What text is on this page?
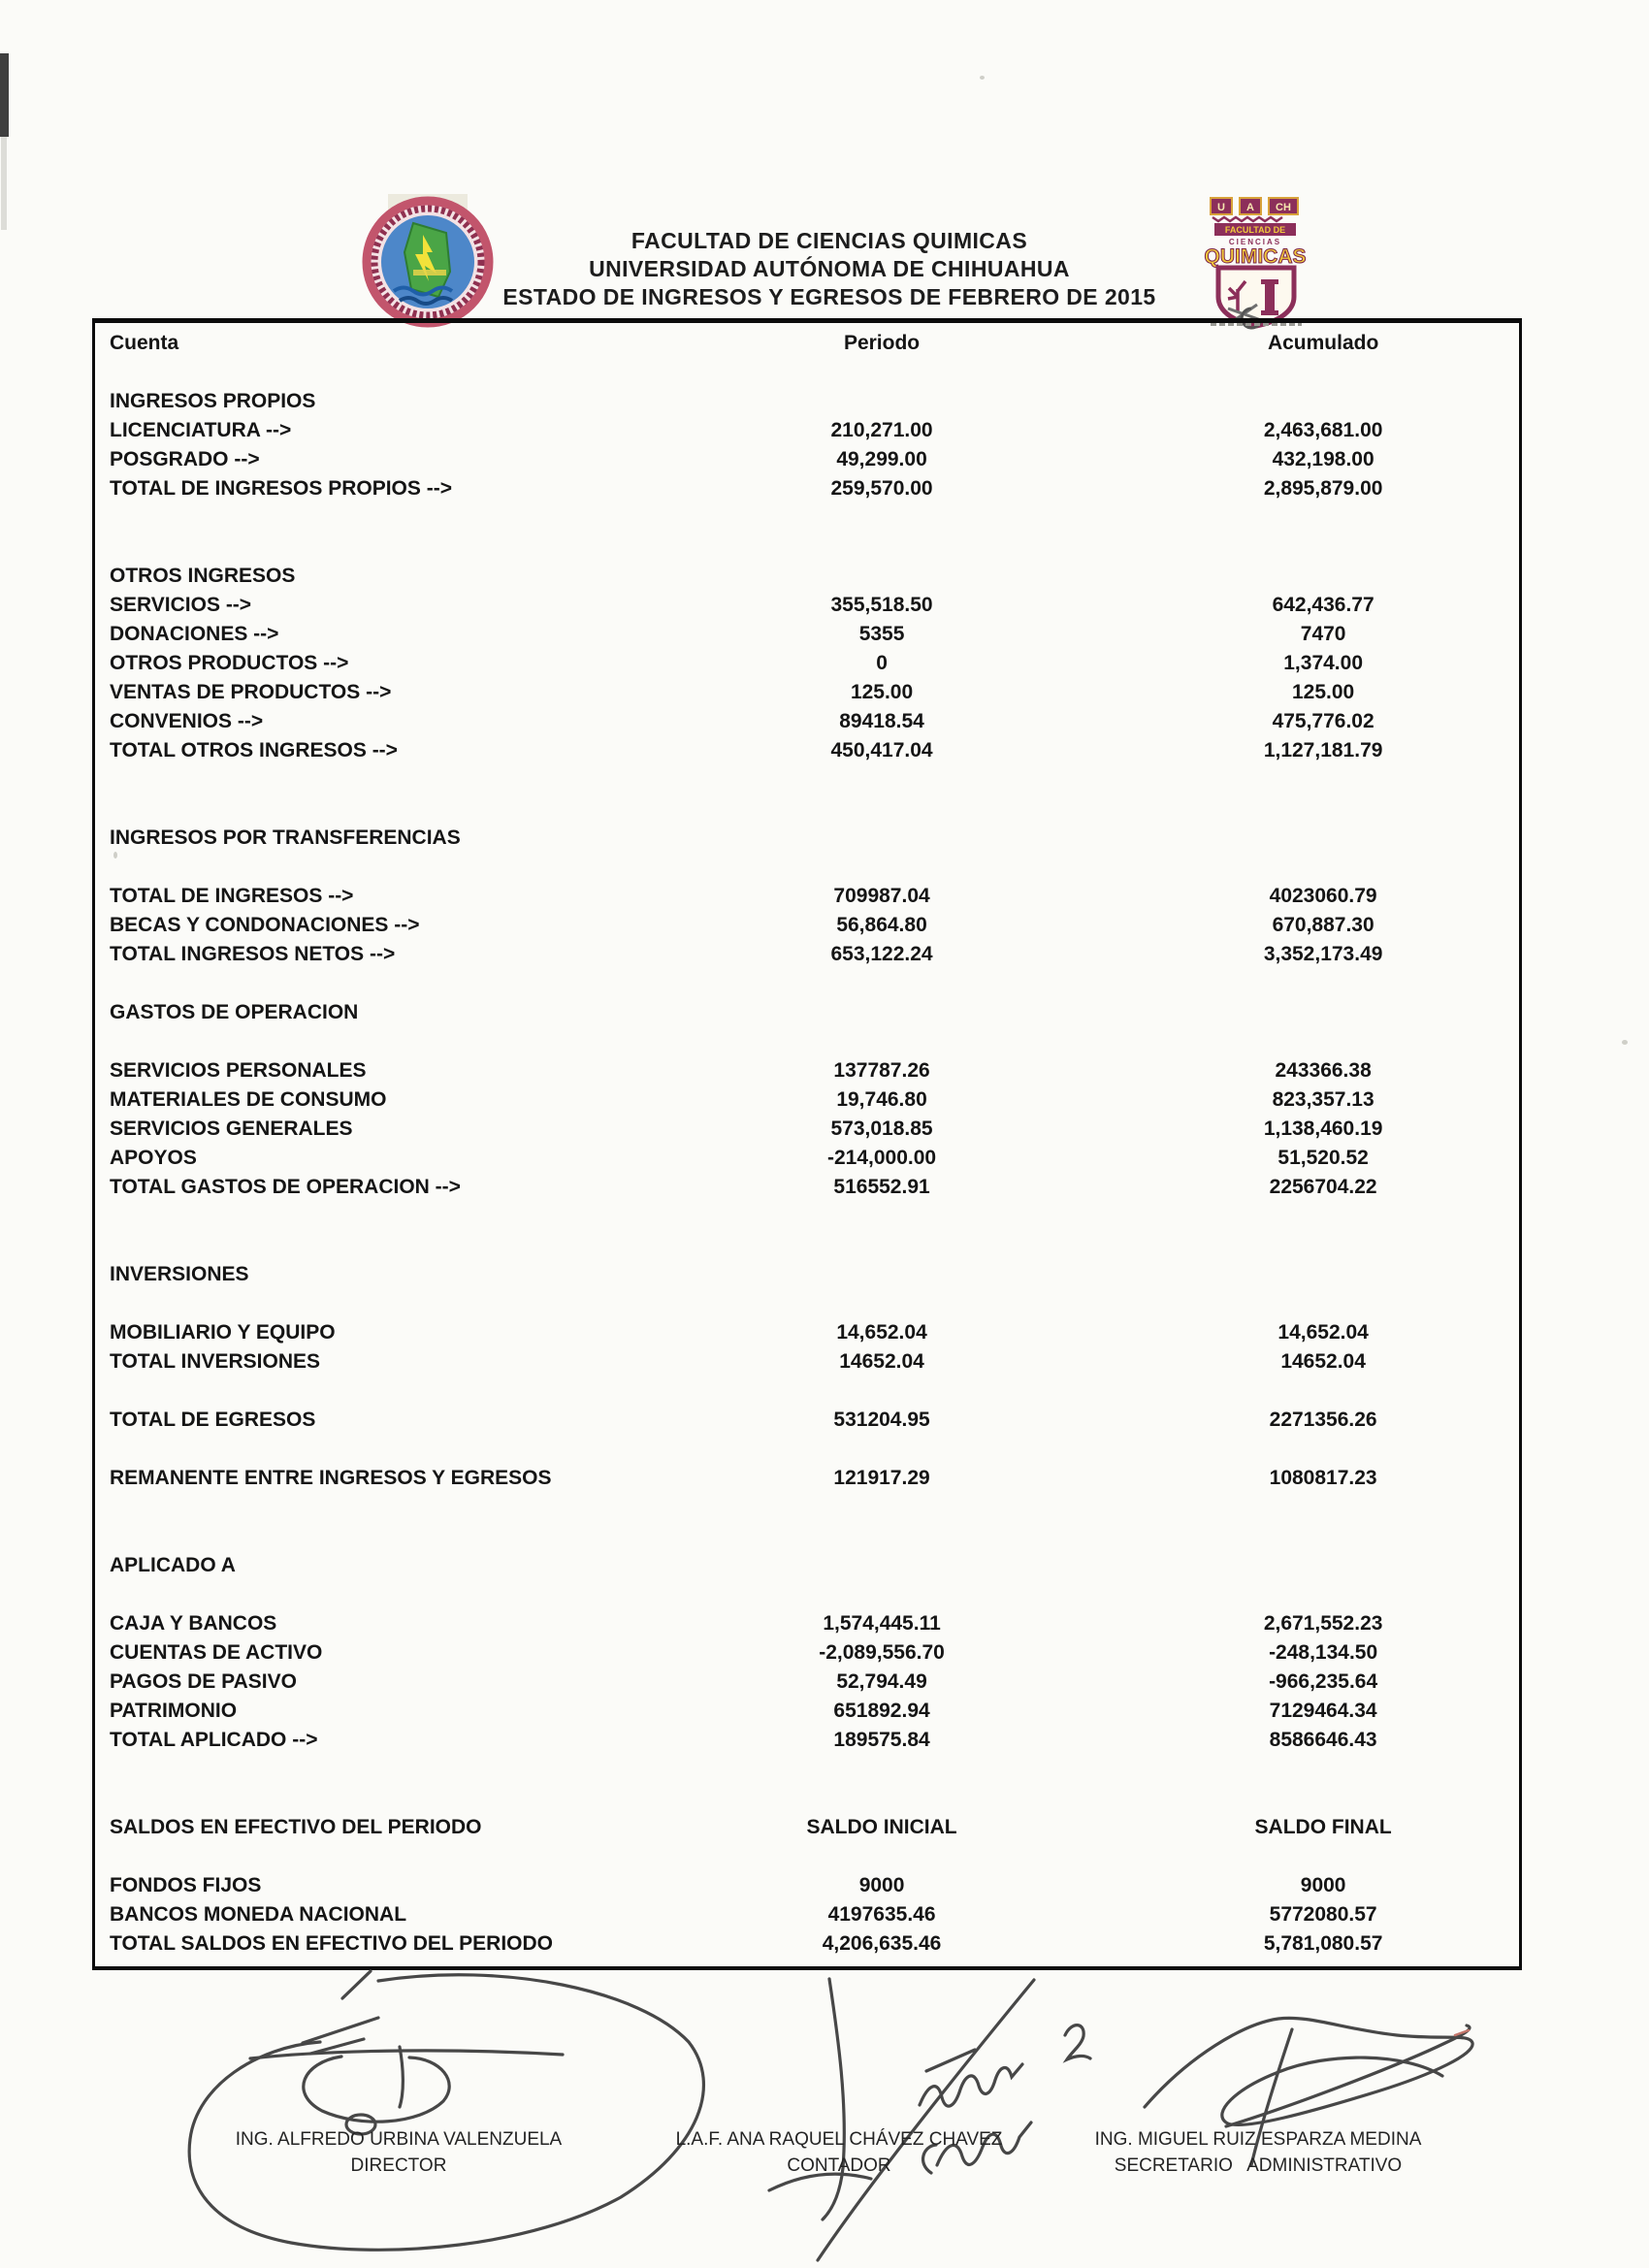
U A CH
FACULTAD DE
CIENCIAS
QUIMICAS
FACULTAD DE CIENCIAS QUIMICAS
UNIVERSIDAD AUTÓNOMA DE CHIHUAHUA
ESTADO DE INGRESOS Y EGRESOS DE FEBRERO DE 2015
Cuenta	Periodo	Acumulado
INGRESOS PROPIOS
LICENCIATURA -->	210,271.00	2,463,681.00
POSGRADO -->	49,299.00	432,198.00
TOTAL DE INGRESOS PROPIOS -->	259,570.00	2,895,879.00
OTROS INGRESOS
SERVICIOS -->	355,518.50	642,436.77
DONACIONES -->	5355	7470
OTROS PRODUCTOS -->	0	1,374.00
VENTAS DE PRODUCTOS -->	125.00	125.00
CONVENIOS -->	89418.54	475,776.02
TOTAL OTROS INGRESOS -->	450,417.04	1,127,181.79
INGRESOS POR TRANSFERENCIAS
TOTAL DE INGRESOS -->	709987.04	4023060.79
BECAS Y CONDONACIONES -->	56,864.80	670,887.30
TOTAL INGRESOS NETOS -->	653,122.24	3,352,173.49
GASTOS DE OPERACION
SERVICIOS PERSONALES	137787.26	243366.38
MATERIALES DE CONSUMO	19,746.80	823,357.13
SERVICIOS GENERALES	573,018.85	1,138,460.19
APOYOS	-214,000.00	51,520.52
TOTAL GASTOS DE OPERACION -->	516552.91	2256704.22
INVERSIONES
MOBILIARIO Y EQUIPO	14,652.04	14,652.04
TOTAL INVERSIONES	14652.04	14652.04
TOTAL DE EGRESOS	531204.95	2271356.26
REMANENTE ENTRE INGRESOS Y EGRESOS	121917.29	1080817.23
APLICADO A
CAJA Y BANCOS	1,574,445.11	2,671,552.23
CUENTAS DE ACTIVO	-2,089,556.70	-248,134.50
PAGOS DE PASIVO	52,794.49	-966,235.64
PATRIMONIO	651892.94	7129464.34
TOTAL APLICADO -->	189575.84	8586646.43
SALDOS EN EFECTIVO DEL PERIODO	SALDO INICIAL	SALDO FINAL
FONDOS FIJOS	9000	9000
BANCOS MONEDA NACIONAL	4197635.46	5772080.57
TOTAL SALDOS EN EFECTIVO DEL PERIODO	4,206,635.46	5,781,080.57
ING. ALFREDO URBINA VALENZUELA
DIRECTOR
L.A.F. ANA RAQUEL CHÁVEZ CHAVEZ
CONTADOR
ING. MIGUEL RUIZ ESPARZA MEDINA
SECRETARIO ADMINISTRATIVO
